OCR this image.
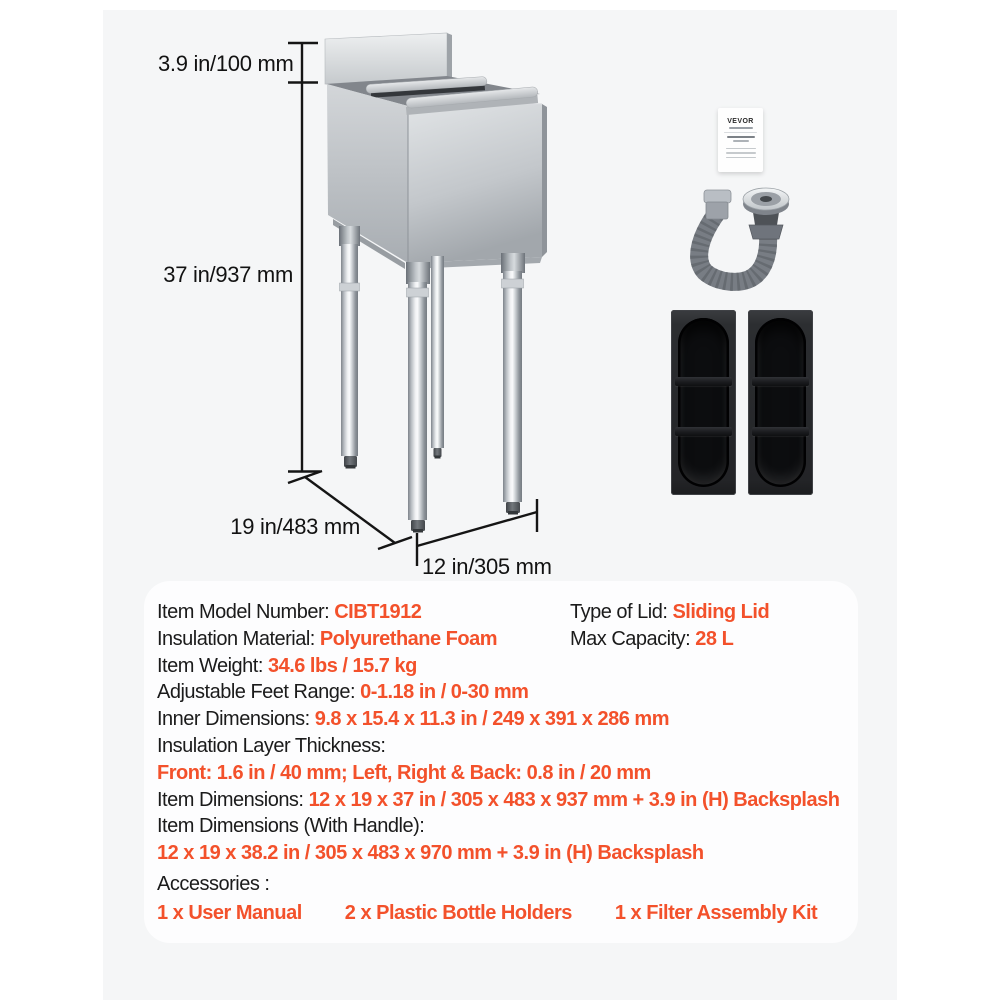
3.9 in/100 mm
37 in/937 mm
19 in/483 mm
12 in/305 mm
VEVOR
Item Model Number: CIBT1912
Insulation Material: Polyurethane Foam
Item Weight: 34.6 lbs / 15.7 kg
Adjustable Feet Range: 0-1.18 in / 0-30 mm
Inner Dimensions: 9.8 x 15.4 x 11.3 in / 249 x 391 x 286 mm
Insulation Layer Thickness:
Front: 1.6 in / 40 mm; Left, Right & Back: 0.8 in / 20 mm
Item Dimensions: 12 x 19 x 37 in / 305 x 483 x 937 mm + 3.9 in (H) Backsplash
Item Dimensions (With Handle):
12 x 19 x 38.2 in / 305 x 483 x 970 mm + 3.9 in (H) Backsplash
Accessories :
1 x User Manual 2 x Plastic Bottle Holders 1 x Filter Assembly Kit
Type of Lid: Sliding Lid
Max Capacity: 28 L
